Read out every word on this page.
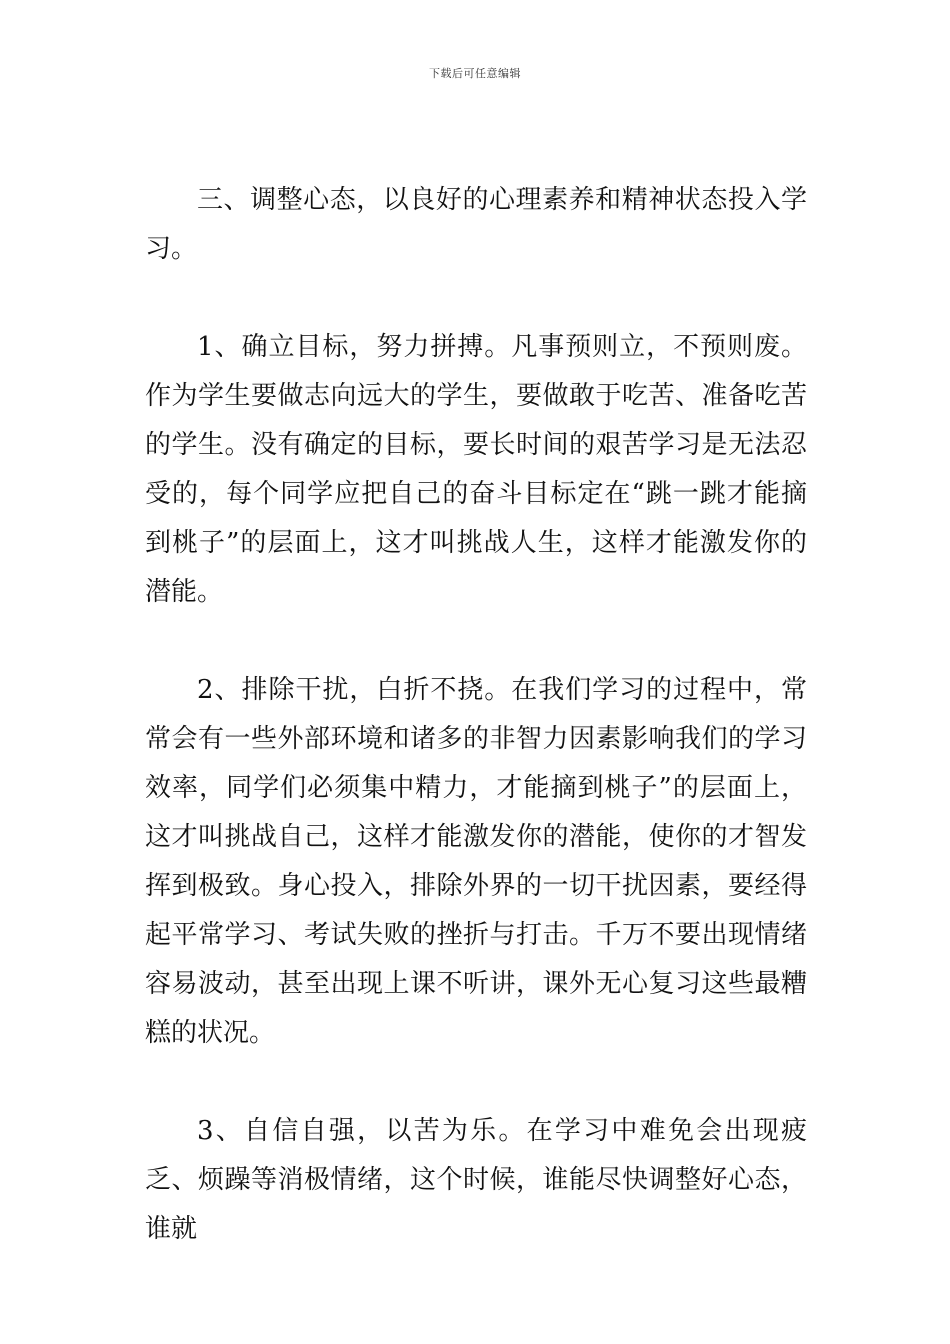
下载后可任意编辑

三、调整心态，以良好的心理素养和精神状态投入学习。

1、确立目标，努力拼搏。凡事预则立，不预则废。作为学生要做志向远大的学生，要做敢于吃苦、准备吃苦的学生。没有确定的目标，要长时间的艰苦学习是无法忍受的，每个同学应把自己的奋斗目标定在“跳一跳才能摘到桃子”的层面上，这才叫挑战人生，这样才能激发你的潜能。

2、排除干扰，白折不挠。在我们学习的过程中，常常会有一些外部环境和诸多的非智力因素影响我们的学习效率，同学们必须集中精力，才能摘到桃子”的层面上，这才叫挑战自己，这样才能激发你的潜能，使你的才智发挥到极致。身心投入，排除外界的一切干扰因素，要经得起平常学习、考试失败的挫折与打击。千万不要出现情绪容易波动，甚至出现上课不听讲，课外无心复习这些最糟糕的状况。

3、自信自强，以苦为乐。在学习中难免会出现疲乏、烦躁等消极情绪，这个时候，谁能尽快调整好心态，谁就
